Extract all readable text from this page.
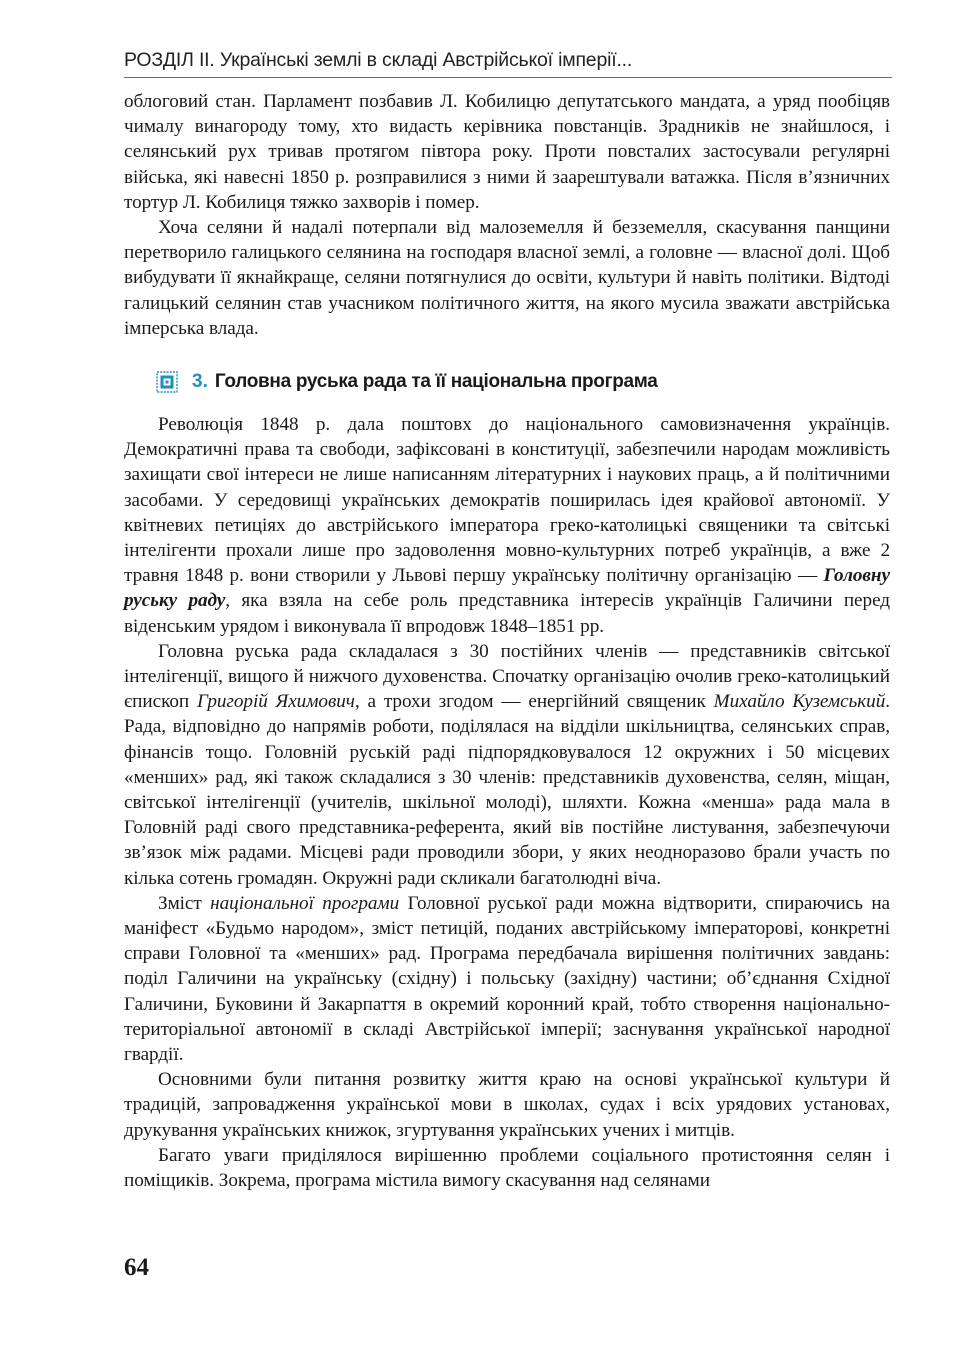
РОЗДІЛ ІІ. Українські землі в складі Австрійської імперії...

облоговий стан. Парламент позбавив Л. Кобилицю депутатського мандата, а уряд пообіцяв чималу винагороду тому, хто видасть керівника повстанців. Зрадників не знайшлося, і селянський рух тривав протягом півтора року. Проти повсталих застосували регулярні війська, які навесні 1850 р. розправилися з ними й заарештували ватажка. Після в’язничних тортур Л. Кобилиця тяжко захворів і помер.

Хоча селяни й надалі потерпали від малоземелля й безземелля, скасування панщини перетворило галицького селянина на господаря власної землі, а головне — власної долі. Щоб вибудувати її якнайкраще, селяни потягнулися до освіти, культури й навіть політики. Відтоді галицький селянин став учасником політичного життя, на якого мусила зважати австрійська імперська влада.

3. Головна руська рада та її національна програма

Революція 1848 р. дала поштовх до національного самовизначення українців. Демократичні права та свободи, зафіксовані в конституції, забезпечили народам можливість захищати свої інтереси не лише написанням літературних і наукових праць, а й політичними засобами. У середовищі українських демократів поширилась ідея крайової автономії. У квітневих петиціях до австрійського імператора греко-католицькі священики та світські інтелігенти прохали лише про задоволення мовно-культурних потреб українців, а вже 2 травня 1848 р. вони створили у Львові першу українську політичну організацію — Головну руську раду, яка взяла на себе роль представника інтересів українців Галичини перед віденським урядом і виконувала її впродовж 1848–1851 рр.

Головна руська рада складалася з 30 постійних членів — представників світської інтелігенції, вищого й нижчого духовенства. Спочатку організацію очолив греко-католицький єпископ Григорій Яхимович, а трохи згодом — енергійний священик Михайло Куземський. Рада, відповідно до напрямів роботи, поділялася на відділи шкільництва, селянських справ, фінансів тощо. Головній руській раді підпорядковувалося 12 окружних і 50 місцевих «менших» рад, які також складалися з 30 членів: представників духовенства, селян, міщан, світської інтелігенції (учителів, шкільної молоді), шляхти. Кожна «менша» рада мала в Головній раді свого представника-референта, який вів постійне листування, забезпечуючи зв’язок між радами. Місцеві ради проводили збори, у яких неодноразово брали участь по кілька сотень громадян. Окружні ради скликали багатолюдні віча.

Зміст національної програми Головної руської ради можна відтворити, спираючись на маніфест «Будьмо народом», зміст петицій, поданих австрійському імператорові, конкретні справи Головної та «менших» рад. Програма передбачала вирішення політичних завдань: поділ Галичини на українську (східну) і польську (західну) частини; об’єднання Східної Галичини, Буковини й Закарпаття в окремий коронний край, тобто створення національно-територіальної автономії в складі Австрійської імперії; заснування української народної гвардії.

Основними були питання розвитку життя краю на основі української культури й традицій, запровадження української мови в школах, судах і всіх урядових установах, друкування українських книжок, згуртування українських учених і митців.

Багато уваги приділялося вирішенню проблеми соціального протистояння селян і поміщиків. Зокрема, програма містила вимогу скасування над селянами

64
